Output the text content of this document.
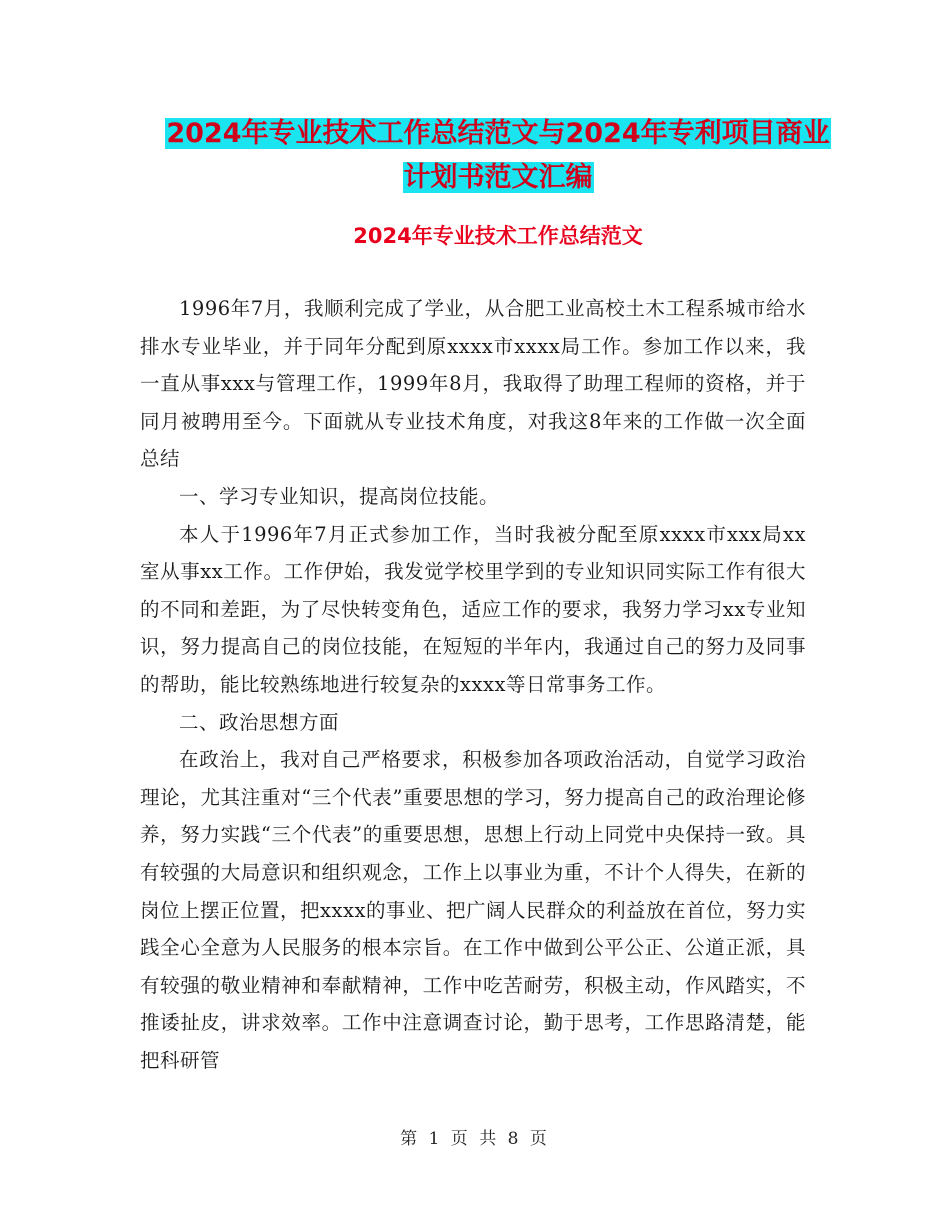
2024年专业技术工作总结范文与2024年专利项目商业
计划书范文汇编
2024年专业技术工作总结范文

1996年7月，我顺利完成了学业，从合肥工业高校土木工程系城市给水排水专业毕业，并于同年分配到原xxxx市xxxx局工作。参加工作以来，我一直从事xxx与管理工作，1999年8月，我取得了助理工程师的资格，并于同月被聘用至今。下面就从专业技术角度，对我这8年来的工作做一次全面总结

一、学习专业知识，提高岗位技能。

本人于1996年7月正式参加工作，当时我被分配至原xxxx市xxx局xx室从事xx工作。工作伊始，我发觉学校里学到的专业知识同实际工作有很大的不同和差距，为了尽快转变角色，适应工作的要求，我努力学习xx专业知识，努力提高自己的岗位技能，在短短的半年内，我通过自己的努力及同事的帮助，能比较熟练地进行较复杂的xxxx等日常事务工作。

二、政治思想方面

在政治上，我对自己严格要求，积极参加各项政治活动，自觉学习政治理论，尤其注重对“三个代表”重要思想的学习，努力提高自己的政治理论修养，努力实践“三个代表”的重要思想，思想上行动上同党中央保持一致。具有较强的大局意识和组织观念，工作上以事业为重，不计个人得失，在新的岗位上摆正位置，把xxxx的事业、把广阔人民群众的利益放在首位，努力实践全心全意为人民服务的根本宗旨。在工作中做到公平公正、公道正派，具有较强的敬业精神和奉献精神，工作中吃苦耐劳，积极主动，作风踏实，不推诿扯皮，讲求效率。工作中注意调查讨论，勤于思考，工作思路清楚，能把科研管

第 1 页 共 8 页
